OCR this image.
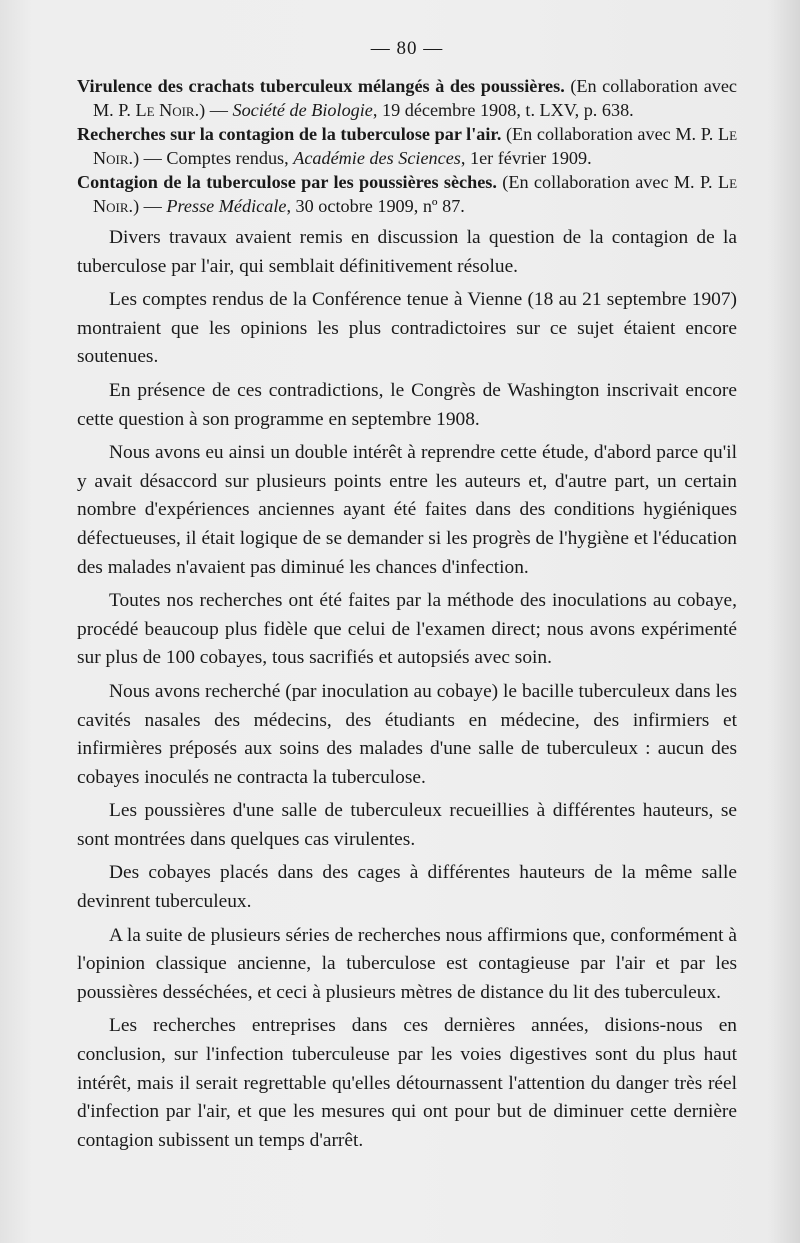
— 80 —
Virulence des crachats tuberculeux mélangés à des poussières. (En collaboration avec M. P. Le Noir.) — Société de Biologie, 19 décembre 1908, t. LXV, p. 638.
Recherches sur la contagion de la tuberculose par l'air. (En collaboration avec M. P. Le Noir.) — Comptes rendus, Académie des Sciences, 1er février 1909.
Contagion de la tuberculose par les poussières sèches. (En collaboration avec M. P. Le Noir.) — Presse Médicale, 30 octobre 1909, nº 87.

Divers travaux avaient remis en discussion la question de la contagion de la tuberculose par l'air, qui semblait définitivement résolue.

Les comptes rendus de la Conférence tenue à Vienne (18 au 21 septembre 1907) montraient que les opinions les plus contradictoires sur ce sujet étaient encore soutenues.

En présence de ces contradictions, le Congrès de Washington inscrivait encore cette question à son programme en septembre 1908.

Nous avons eu ainsi un double intérêt à reprendre cette étude, d'abord parce qu'il y avait désaccord sur plusieurs points entre les auteurs et, d'autre part, un certain nombre d'expériences anciennes ayant été faites dans des conditions hygiéniques défectueuses, il était logique de se demander si les progrès de l'hygiène et l'éducation des malades n'avaient pas diminué les chances d'infection.

Toutes nos recherches ont été faites par la méthode des inoculations au cobaye, procédé beaucoup plus fidèle que celui de l'examen direct; nous avons expérimenté sur plus de 100 cobayes, tous sacrifiés et autopsiés avec soin.

Nous avons recherché (par inoculation au cobaye) le bacille tuberculeux dans les cavités nasales des médecins, des étudiants en médecine, des infirmiers et infirmières préposés aux soins des malades d'une salle de tuberculeux : aucun des cobayes inoculés ne contracta la tuberculose.

Les poussières d'une salle de tuberculeux recueillies à différentes hauteurs, se sont montrées dans quelques cas virulentes.

Des cobayes placés dans des cages à différentes hauteurs de la même salle devinrent tuberculeux.

A la suite de plusieurs séries de recherches nous affirmions que, conformément à l'opinion classique ancienne, la tuberculose est contagieuse par l'air et par les poussières desséchées, et ceci à plusieurs mètres de distance du lit des tuberculeux.

Les recherches entreprises dans ces dernières années, disions-nous en conclusion, sur l'infection tuberculeuse par les voies digestives sont du plus haut intérêt, mais il serait regrettable qu'elles détournassent l'attention du danger très réel d'infection par l'air, et que les mesures qui ont pour but de diminuer cette dernière contagion subissent un temps d'arrêt.
